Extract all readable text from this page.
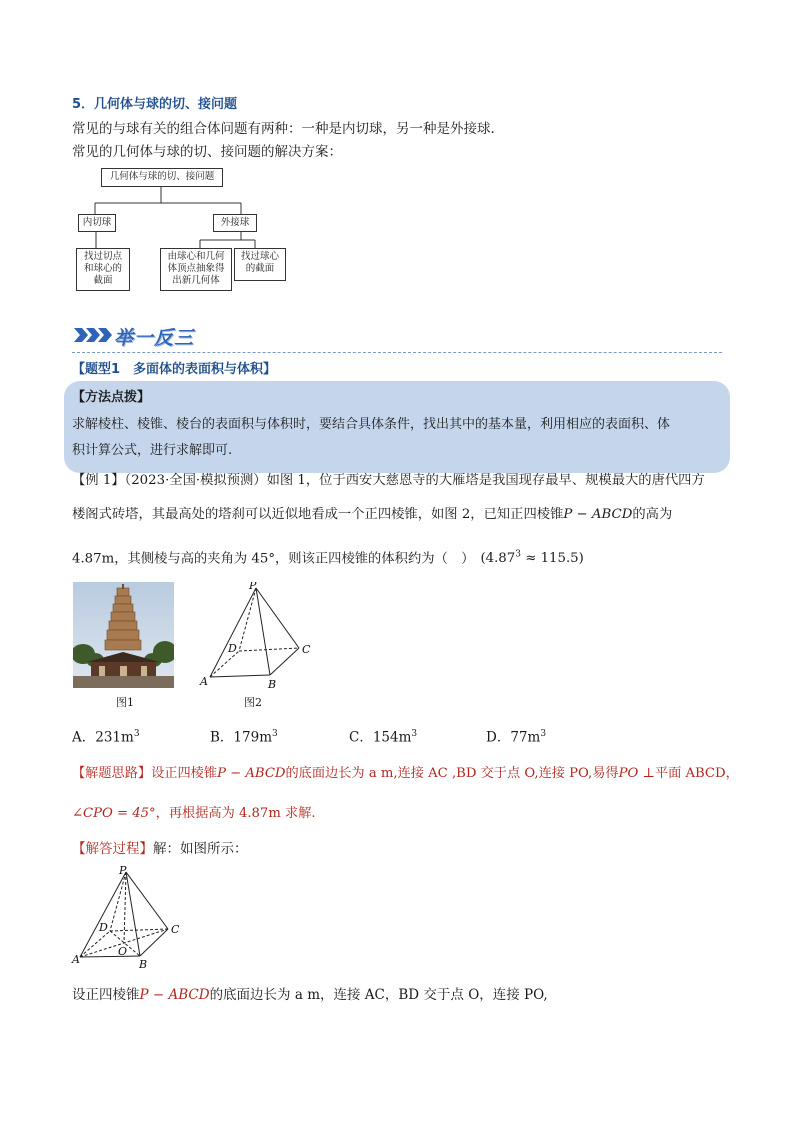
5．几何体与球的切、接问题
常见的与球有关的组合体问题有两种：一种是内切球，另一种是外接球.
常见的几何体与球的切、接问题的解决方案：
几何体与球的切、接问题
内切球	外接球
找过切点
和球心的
截面
由球心和几何
体顶点抽象得
出新几何体
找过球心
的截面
举一反三
【题型1　多面体的表面积与体积】
【方法点拨】
求解棱柱、棱锥、棱台的表面积与体积时，要结合具体条件，找出其中的基本量，利用相应的表面积、体
积计算公式，进行求解即可.
【例 1】（2023·全国·模拟预测）如图 1，位于西安大慈恩寺的大雁塔是我国现存最早、规模最大的唐代四方
楼阁式砖塔，其最高处的塔刹可以近似地看成一个正四棱锥，如图 2，已知正四棱锥P − ABCD的高为
4.87m，其侧棱与高的夹角为 45°，则该正四棱锥的体积约为（　） $(4.87^3 \approx 115.5)$
图1
P
A	B
C
D
图2
A．$231m^3$	B．$179m^3$	C．$154m^3$	D．$77m^3$
【解题思路】设正四棱锥P − ABCD的底面边长为 a m,连接 AC ,BD 交于点 O,连接 PO,易得PO ⊥平面 ABCD，
∠CPO = 45°，再根据高为 4.87m 求解.
【解答过程】解：如图所示：
P
A	B
C
D
O
设正四棱锥P − ABCD的底面边长为 a m，连接 AC，BD 交于点 O，连接 PO,
